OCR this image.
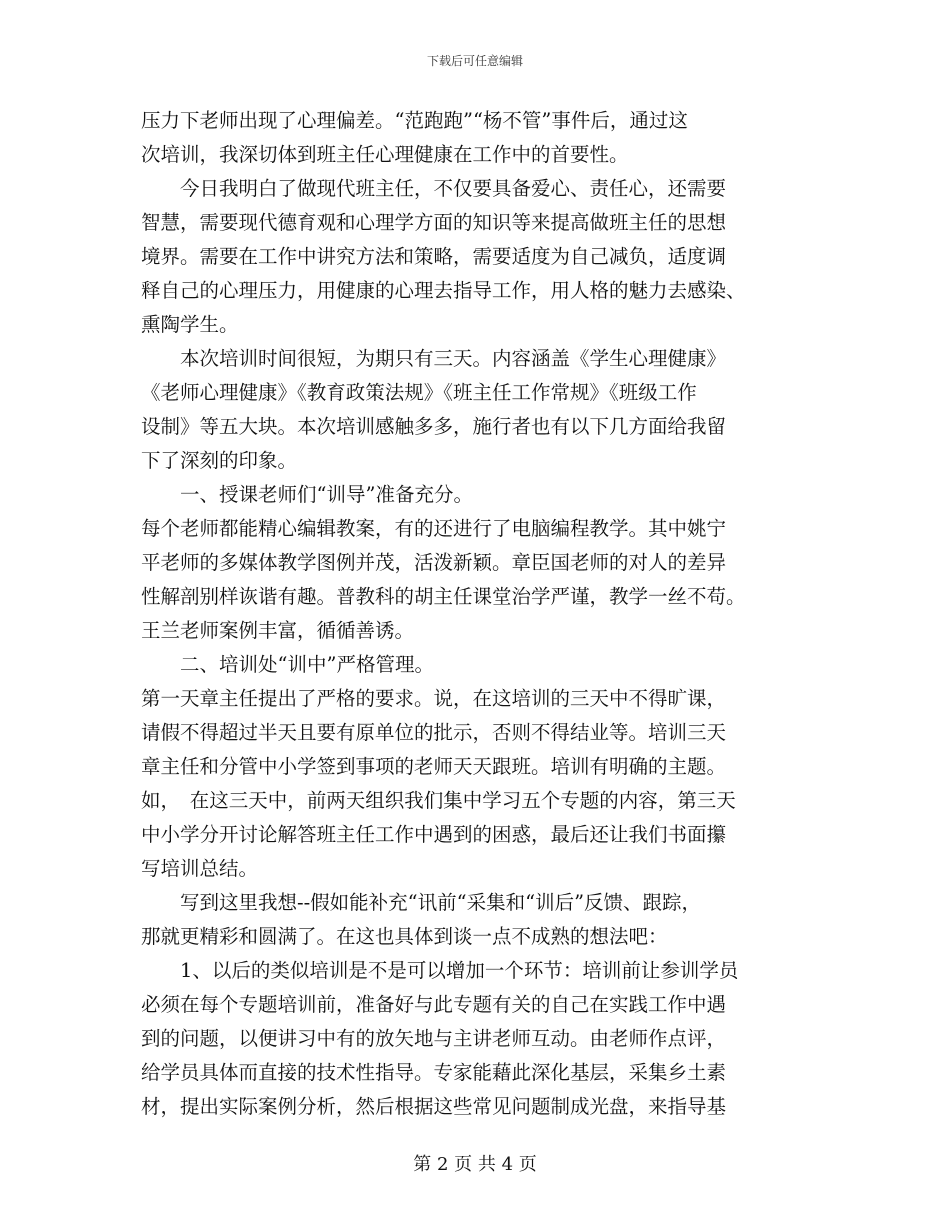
下载后可任意编辑
压力下老师出现了心理偏差。“范跑跑”“杨不管”事件后，通过这
次培训，我深切体到班主任心理健康在工作中的首要性。
　　今日我明白了做现代班主任，不仅要具备爱心、责任心，还需要
智慧，需要现代德育观和心理学方面的知识等来提高做班主任的思想
境界。需要在工作中讲究方法和策略，需要适度为自己减负，适度调
释自己的心理压力，用健康的心理去指导工作，用人格的魅力去感染、
熏陶学生。
　　本次培训时间很短，为期只有三天。内容涵盖《学生心理健康》
《老师心理健康》《教育政策法规》《班主任工作常规》《班级工作
设制》等五大块。本次培训感触多多，施行者也有以下几方面给我留
下了深刻的印象。
　　一、授课老师们“训导”准备充分。
每个老师都能精心编辑教案，有的还进行了电脑编程教学。其中姚宁
平老师的多媒体教学图例并茂，活泼新颖。章臣国老师的对人的差异
性解剖别样诙谐有趣。普教科的胡主任课堂治学严谨，教学一丝不苟。
王兰老师案例丰富，循循善诱。
　　二、培训处“训中”严格管理。
第一天章主任提出了严格的要求。说，在这培训的三天中不得旷课，
请假不得超过半天且要有原单位的批示，否则不得结业等。培训三天
章主任和分管中小学签到事项的老师天天跟班。培训有明确的主题。
如，　在这三天中，前两天组织我们集中学习五个专题的内容，第三天
中小学分开讨论解答班主任工作中遇到的困惑，最后还让我们书面攥
写培训总结。
　　写到这里我想--假如能补充“讯前“采集和“训后”反馈、跟踪，
那就更精彩和圆满了。在这也具体到谈一点不成熟的想法吧：
　　1、以后的类似培训是不是可以增加一个环节：培训前让参训学员
必须在每个专题培训前，准备好与此专题有关的自己在实践工作中遇
到的问题，以便讲习中有的放矢地与主讲老师互动。由老师作点评，
给学员具体而直接的技术性指导。专家能藉此深化基层，采集乡土素
材，提出实际案例分析，然后根据这些常见问题制成光盘，来指导基
第 2 页 共 4 页
